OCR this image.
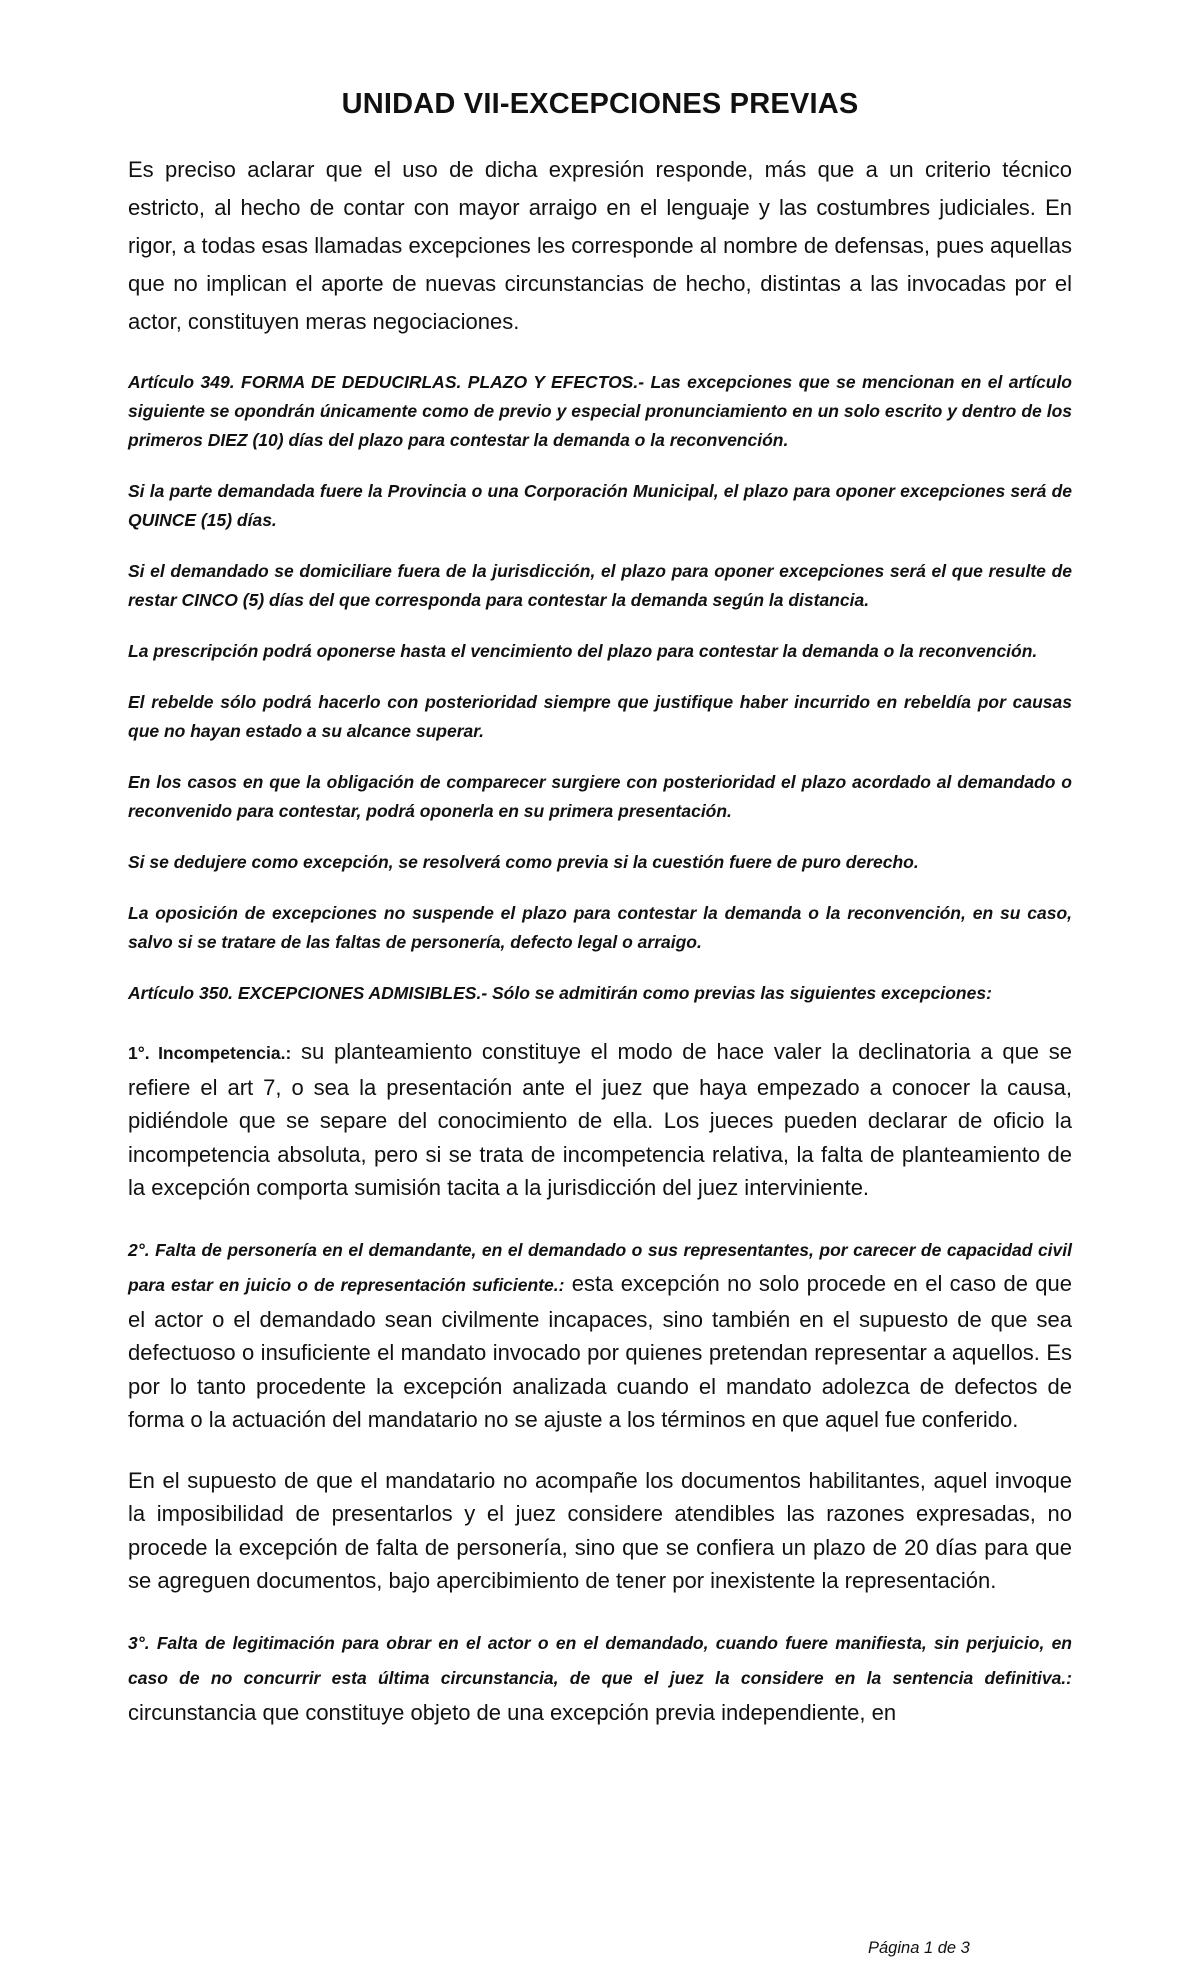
UNIDAD VII-EXCEPCIONES PREVIAS

Es preciso aclarar que el uso de dicha expresión responde, más que a un criterio técnico estricto, al hecho de contar con mayor arraigo en el lenguaje y las costumbres judiciales. En rigor, a todas esas llamadas excepciones les corresponde al nombre de defensas, pues aquellas que no implican el aporte de nuevas circunstancias de hecho, distintas a las invocadas por el actor, constituyen meras negociaciones.

Artículo 349. FORMA DE DEDUCIRLAS. PLAZO Y EFECTOS.- Las excepciones que se mencionan en el artículo siguiente se opondrán únicamente como de previo y especial pronunciamiento en un solo escrito y dentro de los primeros DIEZ (10) días del plazo para contestar la demanda o la reconvención.

Si la parte demandada fuere la Provincia o una Corporación Municipal, el plazo para oponer excepciones será de QUINCE (15) días.

Si el demandado se domiciliare fuera de la jurisdicción, el plazo para oponer excepciones será el que resulte de restar CINCO (5) días del que corresponda para contestar la demanda según la distancia.

La prescripción podrá oponerse hasta el vencimiento del plazo para contestar la demanda o la reconvención.

El rebelde sólo podrá hacerlo con posterioridad siempre que justifique haber incurrido en rebeldía por causas que no hayan estado a su alcance superar.

En los casos en que la obligación de comparecer surgiere con posterioridad el plazo acordado al demandado o reconvenido para contestar, podrá oponerla en su primera presentación.

Si se dedujere como excepción, se resolverá como previa si la cuestión fuere de puro derecho.

La oposición de excepciones no suspende el plazo para contestar la demanda o la reconvención, en su caso, salvo si se tratare de las faltas de personería, defecto legal o arraigo.

Artículo 350. EXCEPCIONES ADMISIBLES.- Sólo se admitirán como previas las siguientes excepciones:

1°. Incompetencia.: su planteamiento constituye el modo de hace valer la declinatoria a que se refiere el art 7, o sea la presentación ante el juez que haya empezado a conocer la causa, pidiéndole que se separe del conocimiento de ella. Los jueces pueden declarar de oficio la incompetencia absoluta, pero si se trata de incompetencia relativa, la falta de planteamiento de la excepción comporta sumisión tacita a la jurisdicción del juez interviniente.

2°. Falta de personería en el demandante, en el demandado o sus representantes, por carecer de capacidad civil para estar en juicio o de representación suficiente.: esta excepción no solo procede en el caso de que el actor o el demandado sean civilmente incapaces, sino también en el supuesto de que sea defectuoso o insuficiente el mandato invocado por quienes pretendan representar a aquellos. Es por lo tanto procedente la excepción analizada cuando el mandato adolezca de defectos de forma o la actuación del mandatario no se ajuste a los términos en que aquel fue conferido.

En el supuesto de que el mandatario no acompañe los documentos habilitantes, aquel invoque la imposibilidad de presentarlos y el juez considere atendibles las razones expresadas, no procede la excepción de falta de personería, sino que se confiera un plazo de 20 días para que se agreguen documentos, bajo apercibimiento de tener por inexistente la representación.

3°. Falta de legitimación para obrar en el actor o en el demandado, cuando fuere manifiesta, sin perjuicio, en caso de no concurrir esta última circunstancia, de que el juez la considere en la sentencia definitiva.: circunstancia que constituye objeto de una excepción previa independiente, en

Página 1 de 3
